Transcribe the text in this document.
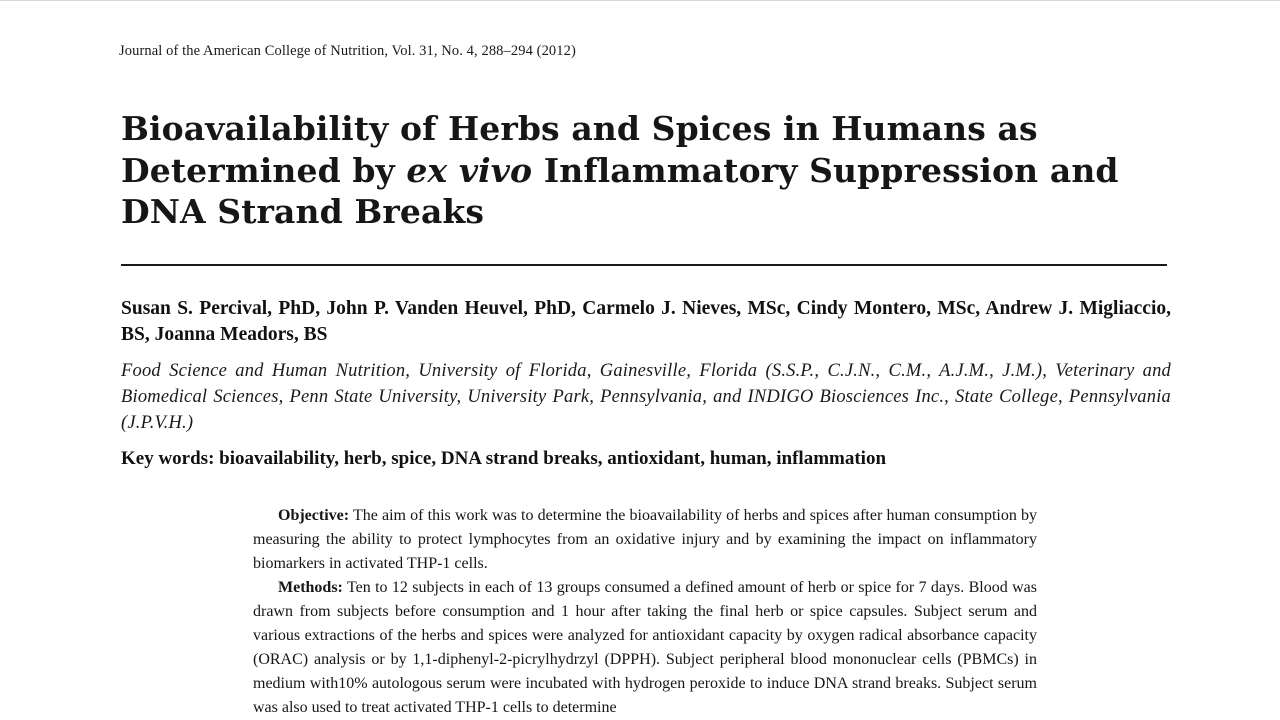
Journal of the American College of Nutrition, Vol. 31, No. 4, 288–294 (2012)
Bioavailability of Herbs and Spices in Humans as Determined by ex vivo Inflammatory Suppression and DNA Strand Breaks

Susan S. Percival, PhD, John P. Vanden Heuvel, PhD, Carmelo J. Nieves, MSc, Cindy Montero, MSc, Andrew J. Migliaccio, BS, Joanna Meadors, BS

Food Science and Human Nutrition, University of Florida, Gainesville, Florida (S.S.P., C.J.N., C.M., A.J.M., J.M.), Veterinary and Biomedical Sciences, Penn State University, University Park, Pennsylvania, and INDIGO Biosciences Inc., State College, Pennsylvania (J.P.V.H.)

Key words: bioavailability, herb, spice, DNA strand breaks, antioxidant, human, inflammation

Objective: The aim of this work was to determine the bioavailability of herbs and spices after human consumption by measuring the ability to protect lymphocytes from an oxidative injury and by examining the impact on inflammatory biomarkers in activated THP-1 cells.

Methods: Ten to 12 subjects in each of 13 groups consumed a defined amount of herb or spice for 7 days. Blood was drawn from subjects before consumption and 1 hour after taking the final herb or spice capsules. Subject serum and various extractions of the herbs and spices were analyzed for antioxidant capacity by oxygen radical absorbance capacity (ORAC) analysis or by 1,1-diphenyl-2-picrylhydrzyl (DPPH). Subject peripheral blood mononuclear cells (PBMCs) in medium with10% autologous serum were incubated with hydrogen peroxide to induce DNA strand breaks. Subject serum was also used to treat activated THP-1 cells to determine
